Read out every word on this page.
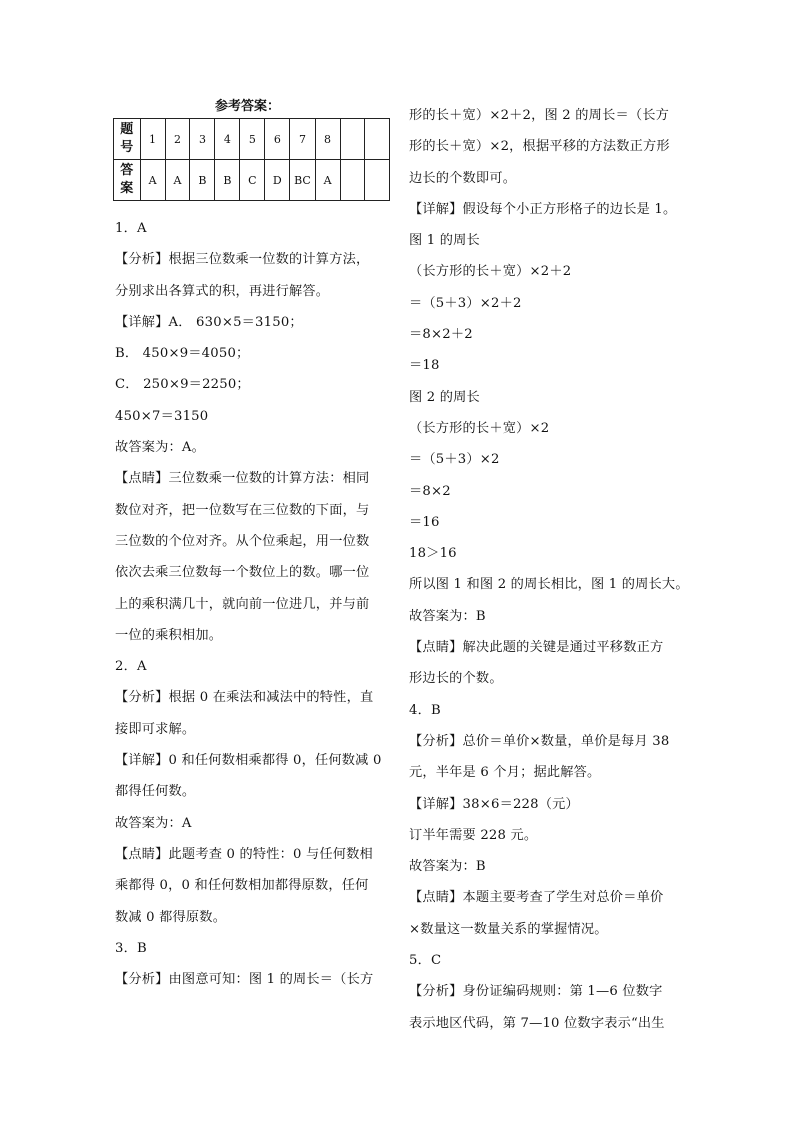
参考答案：
题号	1	2	3	4	5	6	7	8		
答案	A	A	B	B	C	D	BC	A		
1．A
【分析】根据三位数乘一位数的计算方法，
分别求出各算式的积，再进行解答。
【详解】A． 630×5＝3150；
B． 450×9＝4050；
C． 250×9＝2250；
450×7＝3150
故答案为：A。
【点睛】三位数乘一位数的计算方法：相同
数位对齐，把一位数写在三位数的下面，与
三位数的个位对齐。从个位乘起，用一位数
依次去乘三位数每一个数位上的数。哪一位
上的乘积满几十，就向前一位进几，并与前
一位的乘积相加。
2．A
【分析】根据 0 在乘法和减法中的特性，直
接即可求解。
【详解】0 和任何数相乘都得 0，任何数减 0
都得任何数。
故答案为：A
【点睛】此题考查 0 的特性：0 与任何数相
乘都得 0，0 和任何数相加都得原数，任何
数减 0 都得原数。
3．B
【分析】由图意可知：图 1 的周长＝（长方
形的长＋宽）×2＋2，图 2 的周长＝（长方
形的长＋宽）×2，根据平移的方法数正方形
边长的个数即可。
【详解】假设每个小正方形格子的边长是 1。
图 1 的周长
（长方形的长＋宽）×2＋2
＝（5＋3）×2＋2
＝8×2＋2
＝18
图 2 的周长
（长方形的长＋宽）×2
＝（5＋3）×2
＝8×2
＝16
18＞16
所以图 1 和图 2 的周长相比，图 1 的周长大。
故答案为：B
【点睛】解决此题的关键是通过平移数正方
形边长的个数。
4．B
【分析】总价＝单价×数量，单价是每月 38
元，半年是 6 个月；据此解答。
【详解】38×6＝228（元）
订半年需要 228 元。
故答案为：B
【点睛】本题主要考查了学生对总价＝单价
×数量这一数量关系的掌握情况。
5．C
【分析】身份证编码规则：第 1—6 位数字
表示地区代码，第 7—10 位数字表示“出生
